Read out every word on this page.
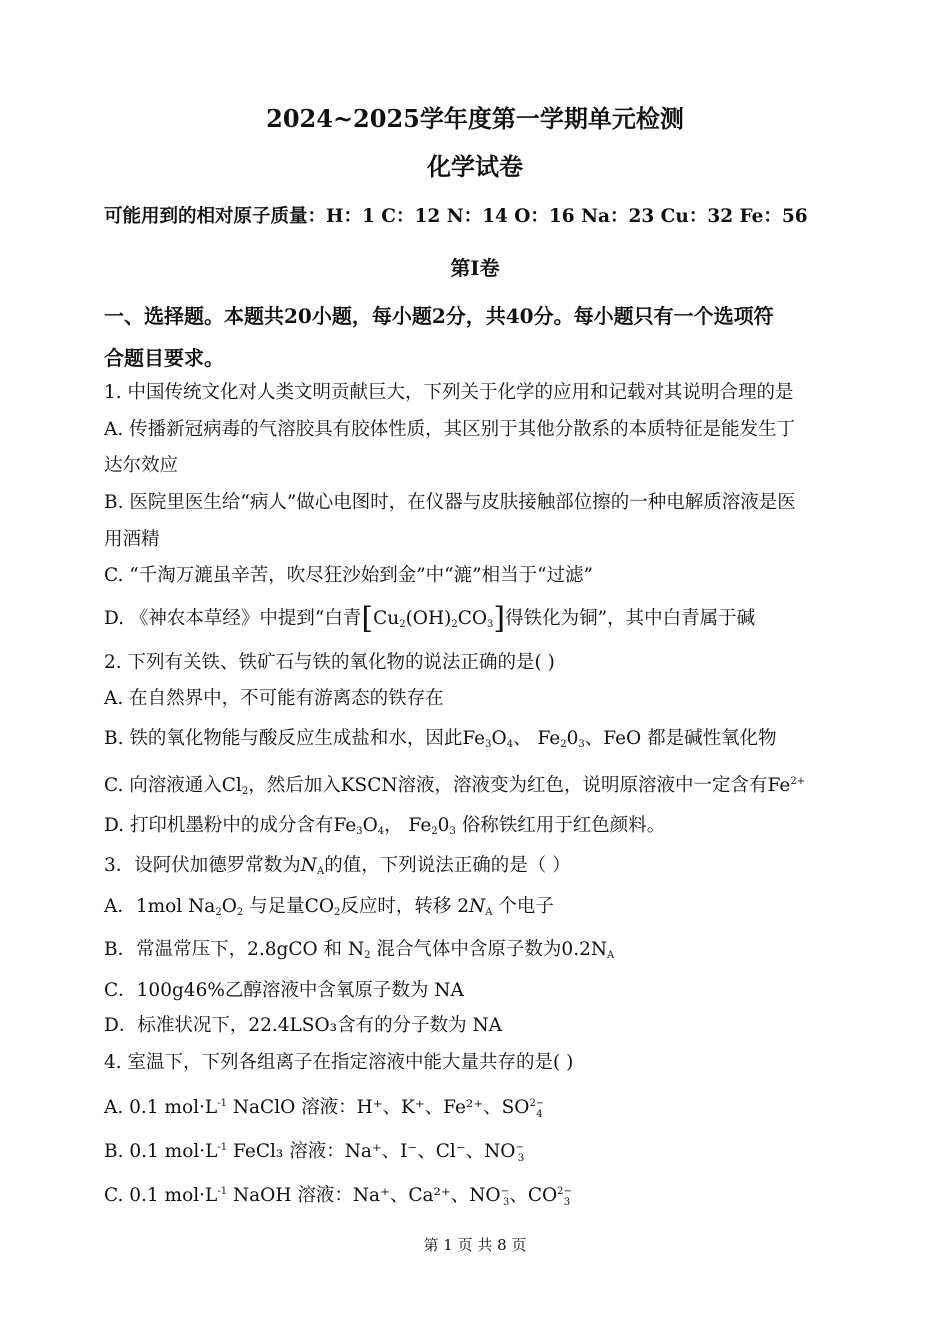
2024~2025学年度第一学期单元检测
化学试卷
可能用到的相对原子质量：H：1 C：12 N：14 O：16 Na：23 Cu：32 Fe：56
第Ⅰ卷
一、选择题。本题共20小题，每小题2分，共40分。每小题只有一个选项符
合题目要求。
1. 中国传统文化对人类文明贡献巨大，下列关于化学的应用和记载对其说明合理的是
A. 传播新冠病毒的气溶胶具有胶体性质，其区别于其他分散系的本质特征是能发生丁
达尔效应
B. 医院里医生给“病人”做心电图时，在仪器与皮肤接触部位擦的一种电解质溶液是医
用酒精
C. “千淘万漉虽辛苦，吹尽狂沙始到金”中“漉”相当于“过滤”
D. 《神农本草经》中提到“白青$[Cu_2(OH)_2CO_3]$得铁化为铜”，其中白青属于碱
2. 下列有关铁、铁矿石与铁的氧化物的说法正确的是( )
A. 在自然界中，不可能有游离态的铁存在
B. 铁的氧化物能与酸反应生成盐和水，因此$Fe_3O_4$、 $Fe_20_3$、FeO 都是碱性氧化物
C. 向溶液通入$Cl_2$，然后加入KSCN溶液，溶液变为红色，说明原溶液中一定含有$Fe^{2+}$
D. 打印机墨粉中的成分含有$Fe_3O_4$， $Fe_20_3$ 俗称铁红用于红色颜料。
3．设阿伏加德罗常数为$N_A$的值，下列说法正确的是（ ）
A．1mol $Na_2O_2$ 与足量$CO_2$反应时，转移 $2N_A$ 个电子
B．常温常压下，2.8gCO 和 $N_2$ 混合气体中含原子数为$0.2N_A$
C．100g46%乙醇溶液中含氧原子数为 NA
D．标准状况下，22.4LSO₃含有的分子数为 NA
4. 室温下，下列各组离子在指定溶液中能大量共存的是( )
A. 0.1 $mol\cdot L^{-1}$ NaClO 溶液：H⁺、K⁺、Fe²⁺、SO2−4
B. 0.1 $mol\cdot L^{-1}$ FeCl₃ 溶液：Na⁺、I⁻、Cl⁻、NO−3
C. 0.1 $mol\cdot L^{-1}$ NaOH 溶液：Na⁺、Ca²⁺、NO−3、CO2−3
第 1 页 共 8 页
